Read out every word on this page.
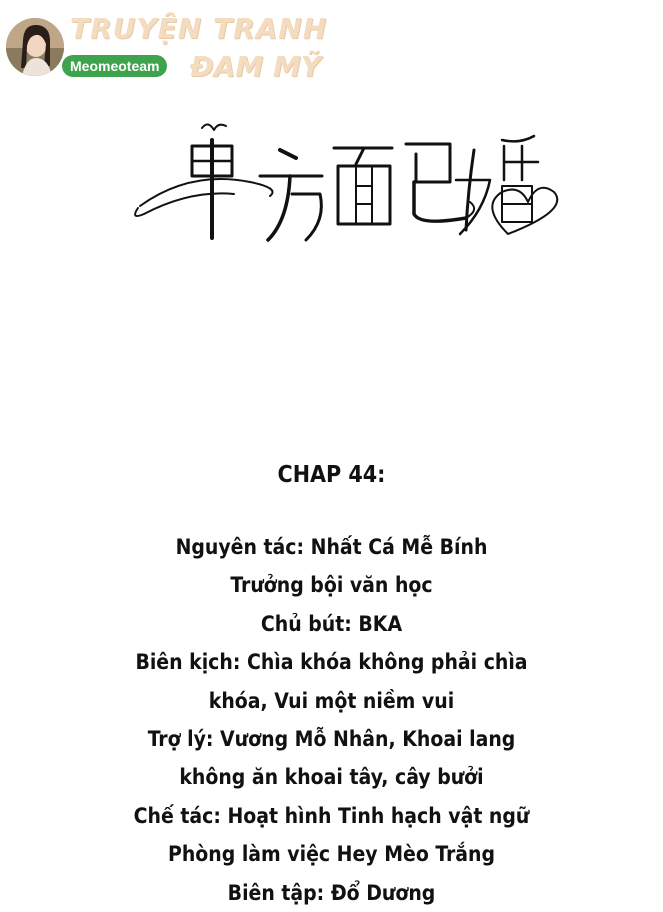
TRUYỆN TRANH
ĐAM MỸ
Meomeoteam
CHAP 44:
Nguyên tác: Nhất Cá Mễ Bính
Trưởng bội văn học
Chủ bút: BKA
Biên kịch: Chìa khóa không phải chìa
khóa, Vui một niềm vui
Trợ lý: Vương Mỗ Nhân, Khoai lang
không ăn khoai tây, cây bưởi
Chế tác: Hoạt hình Tinh hạch vật ngữ
Phòng làm việc Hey Mèo Trắng
Biên tập: Đổ Dương
